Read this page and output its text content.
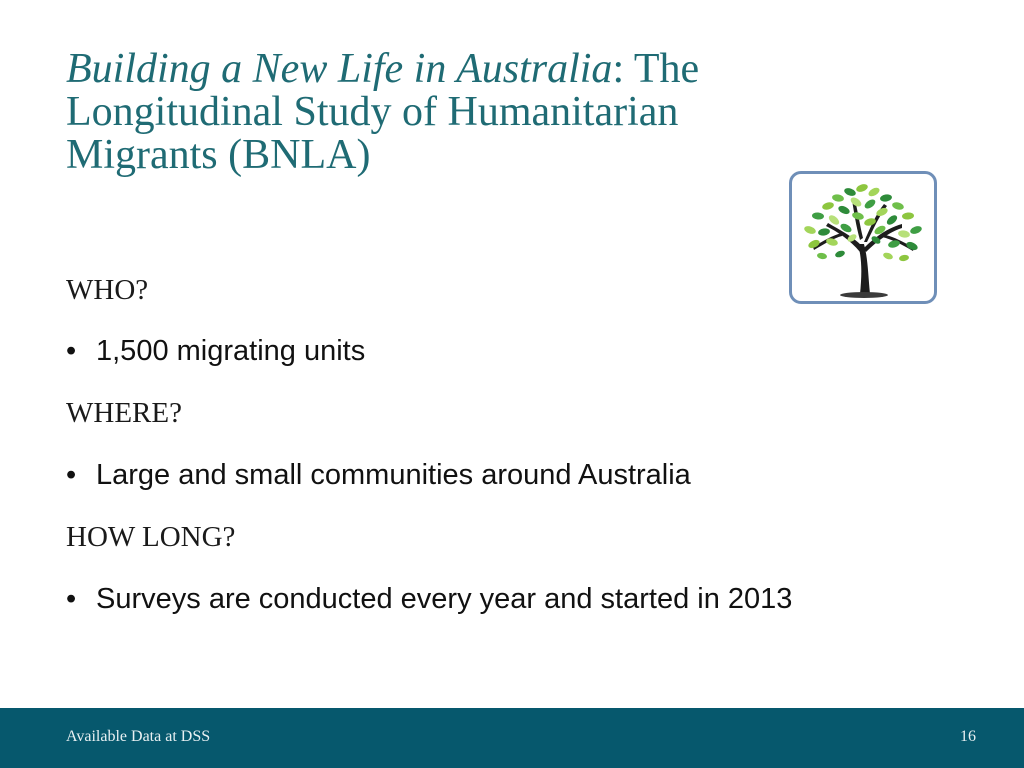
Building a New Life in Australia: The Longitudinal Study of Humanitarian Migrants (BNLA)

WHO?

• 1,500 migrating units

WHERE?

• Large and small communities around Australia

HOW LONG?

• Surveys are conducted every year and started in 2013

Available Data at DSS	16
